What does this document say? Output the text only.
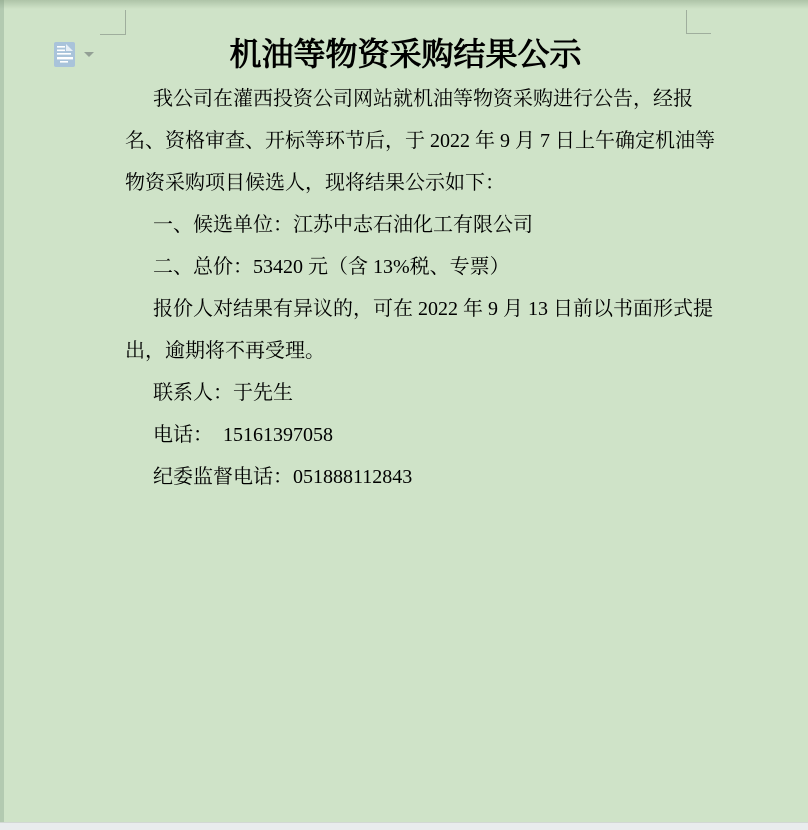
机油等物资采购结果公示
我公司在灌西投资公司网站就机油等物资采购进行公告，经报
名、资格审查、开标等环节后，于 2022 年 9 月 7 日上午确定机油等
物资采购项目候选人，现将结果公示如下：
一、候选单位：江苏中志石油化工有限公司
二、总价：53420 元（含 13%税、专票）
报价人对结果有异议的，可在 2022 年 9 月 13 日前以书面形式提
出，逾期将不再受理。
联系人：于先生
电话：　15161397058
纪委监督电话：051888112843
